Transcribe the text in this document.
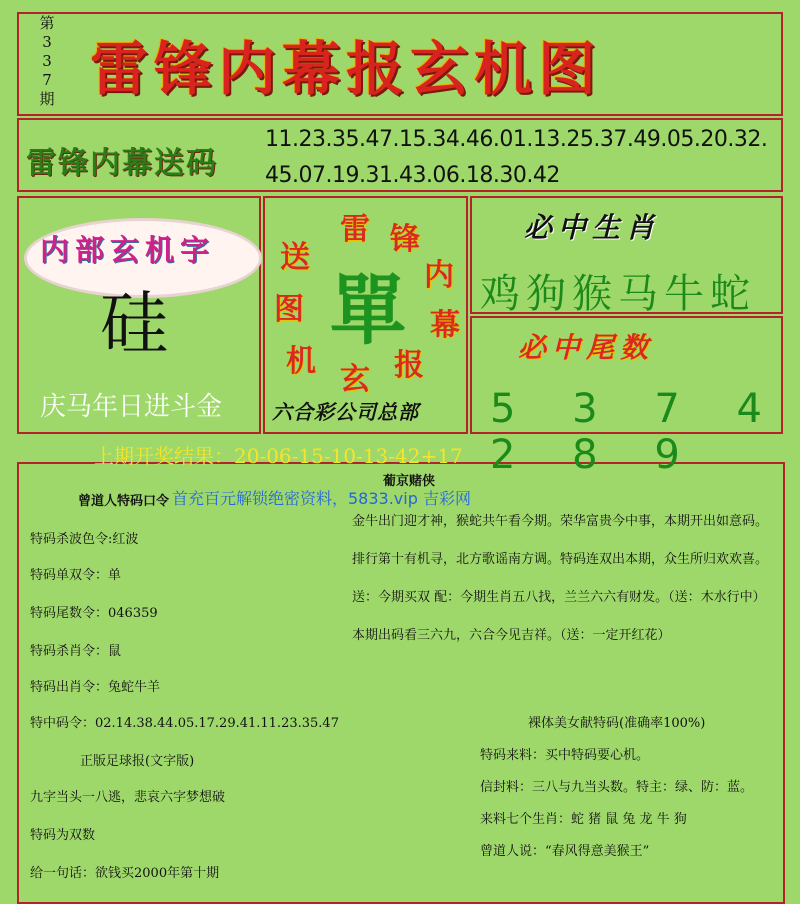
第
3
3
7
期 雷锋内幕报玄机图
雷锋内幕送码
11.23.35.47.15.34.46.01.13.25.37.49.05.20.32.
45.07.19.31.43.06.18.30.42
内部玄机字
硅
庆马年日进斗金
雷 锋
内
幕
报
玄
机
图
送
單
六合彩公司总部
必中生肖
鸡狗猴马牛蛇
必中尾数
5 3 7 4 2 8 9
上期开奖结果：20-06-15-10-13-42+17
葡京赌侠
曾道人特码口令 首充百元解锁绝密资料，5833.vip 吉彩网
特码杀波色令:红波
特码单双令：单
特码尾数令：046359
特码杀肖令：鼠
特码出肖令：兔蛇牛羊
特中码令：02.14.38.44.05.17.29.41.11.23.35.47
正版足球报(文字版)
九字当头一八逃，悲哀六字梦想破
特码为双数
给一句话：欲钱买2000年第十期
金牛出门迎才神，猴蛇共午看今期。荣华富贵今中事，本期开出如意码。
排行第十有机寻，北方歌谣南方调。特码连双出本期，众生所归欢欢喜。
送：今期买双 配：今期生肖五八找，兰兰六六有财发。（送：木水行中）
本期出码看三六九，六合今见吉祥。（送：一定开红花）
裸体美女献特码(准确率100%)
特码来料：买中特码要心机。
信封料：三八与九当头数。特主：绿、防：蓝。
来料七个生肖：蛇 猪 鼠 兔 龙 牛 狗
曾道人说：“春风得意美猴王”
